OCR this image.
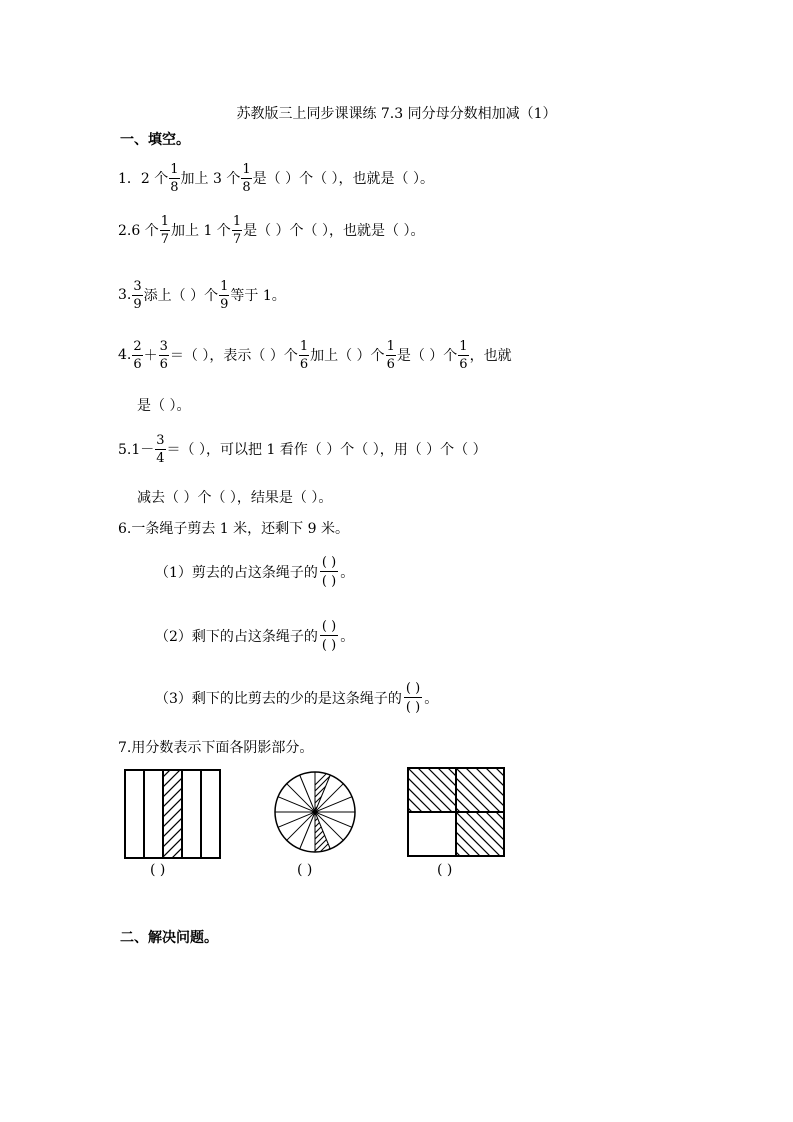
苏教版三上同步课课练 7.3 同分母分数相加减（1）
一、填空。
1．2 个 $\frac{1}{8}$ 加上 3 个 $\frac{1}{8}$ 是（ ）个（ ），也就是（ ）。
2.6 个 $\frac{1}{7}$ 加上 1 个 $\frac{1}{7}$ 是（ ）个（ ），也就是（ ）。
3. $\frac{3}{9}$ 添上（ ）个 $\frac{1}{9}$ 等于 1。
4. $\frac{2}{6} + \frac{3}{6}$ ＝（ ），表示（ ）个 $\frac{1}{6}$ 加上（ ）个 $\frac{1}{6}$ 是（ ）个 $\frac{1}{6}$ ，也就
是（ ）。
$5.1- \frac{3}{4}$ ＝（ ），可以把 1 看作（ ）个（ ），用（ ）个（ ）
减去（ ）个（ ），结果是（ ）。
6.一条绳子剪去 1 米，还剩下 9 米。
（1）剪去的占这条绳子的 $\frac{( )}{( )}$ 。
（2）剩下的占这条绳子的 $\frac{( )}{( )}$ 。
（3）剩下的比剪去的少的是这条绳子的 $\frac{( )}{( )}$ 。
7.用分数表示下面各阴影部分。
( )	( )	( )
二、解决问题。
